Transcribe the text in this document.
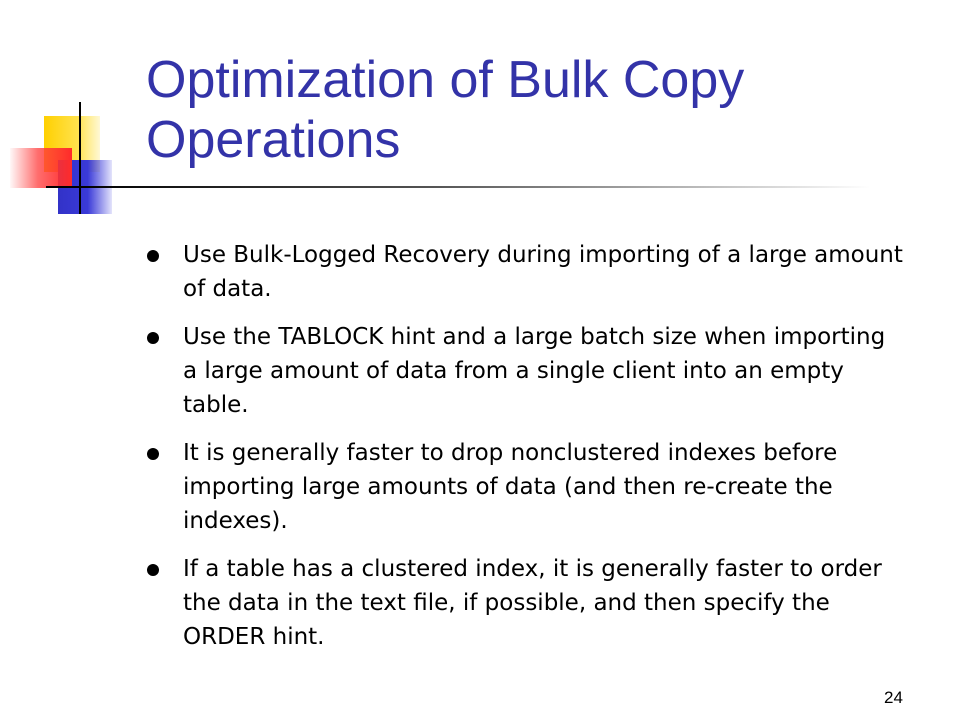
Optimization of Bulk Copy Operations
Use Bulk-Logged Recovery during importing of a large amount of data.
Use the TABLOCK hint and a large batch size when importing a large amount of data from a single client into an empty table.
It is generally faster to drop nonclustered indexes before importing large amounts of data (and then re-create the indexes).
If a table has a clustered index, it is generally faster to order the data in the text file, if possible, and then specify the ORDER hint.
24
